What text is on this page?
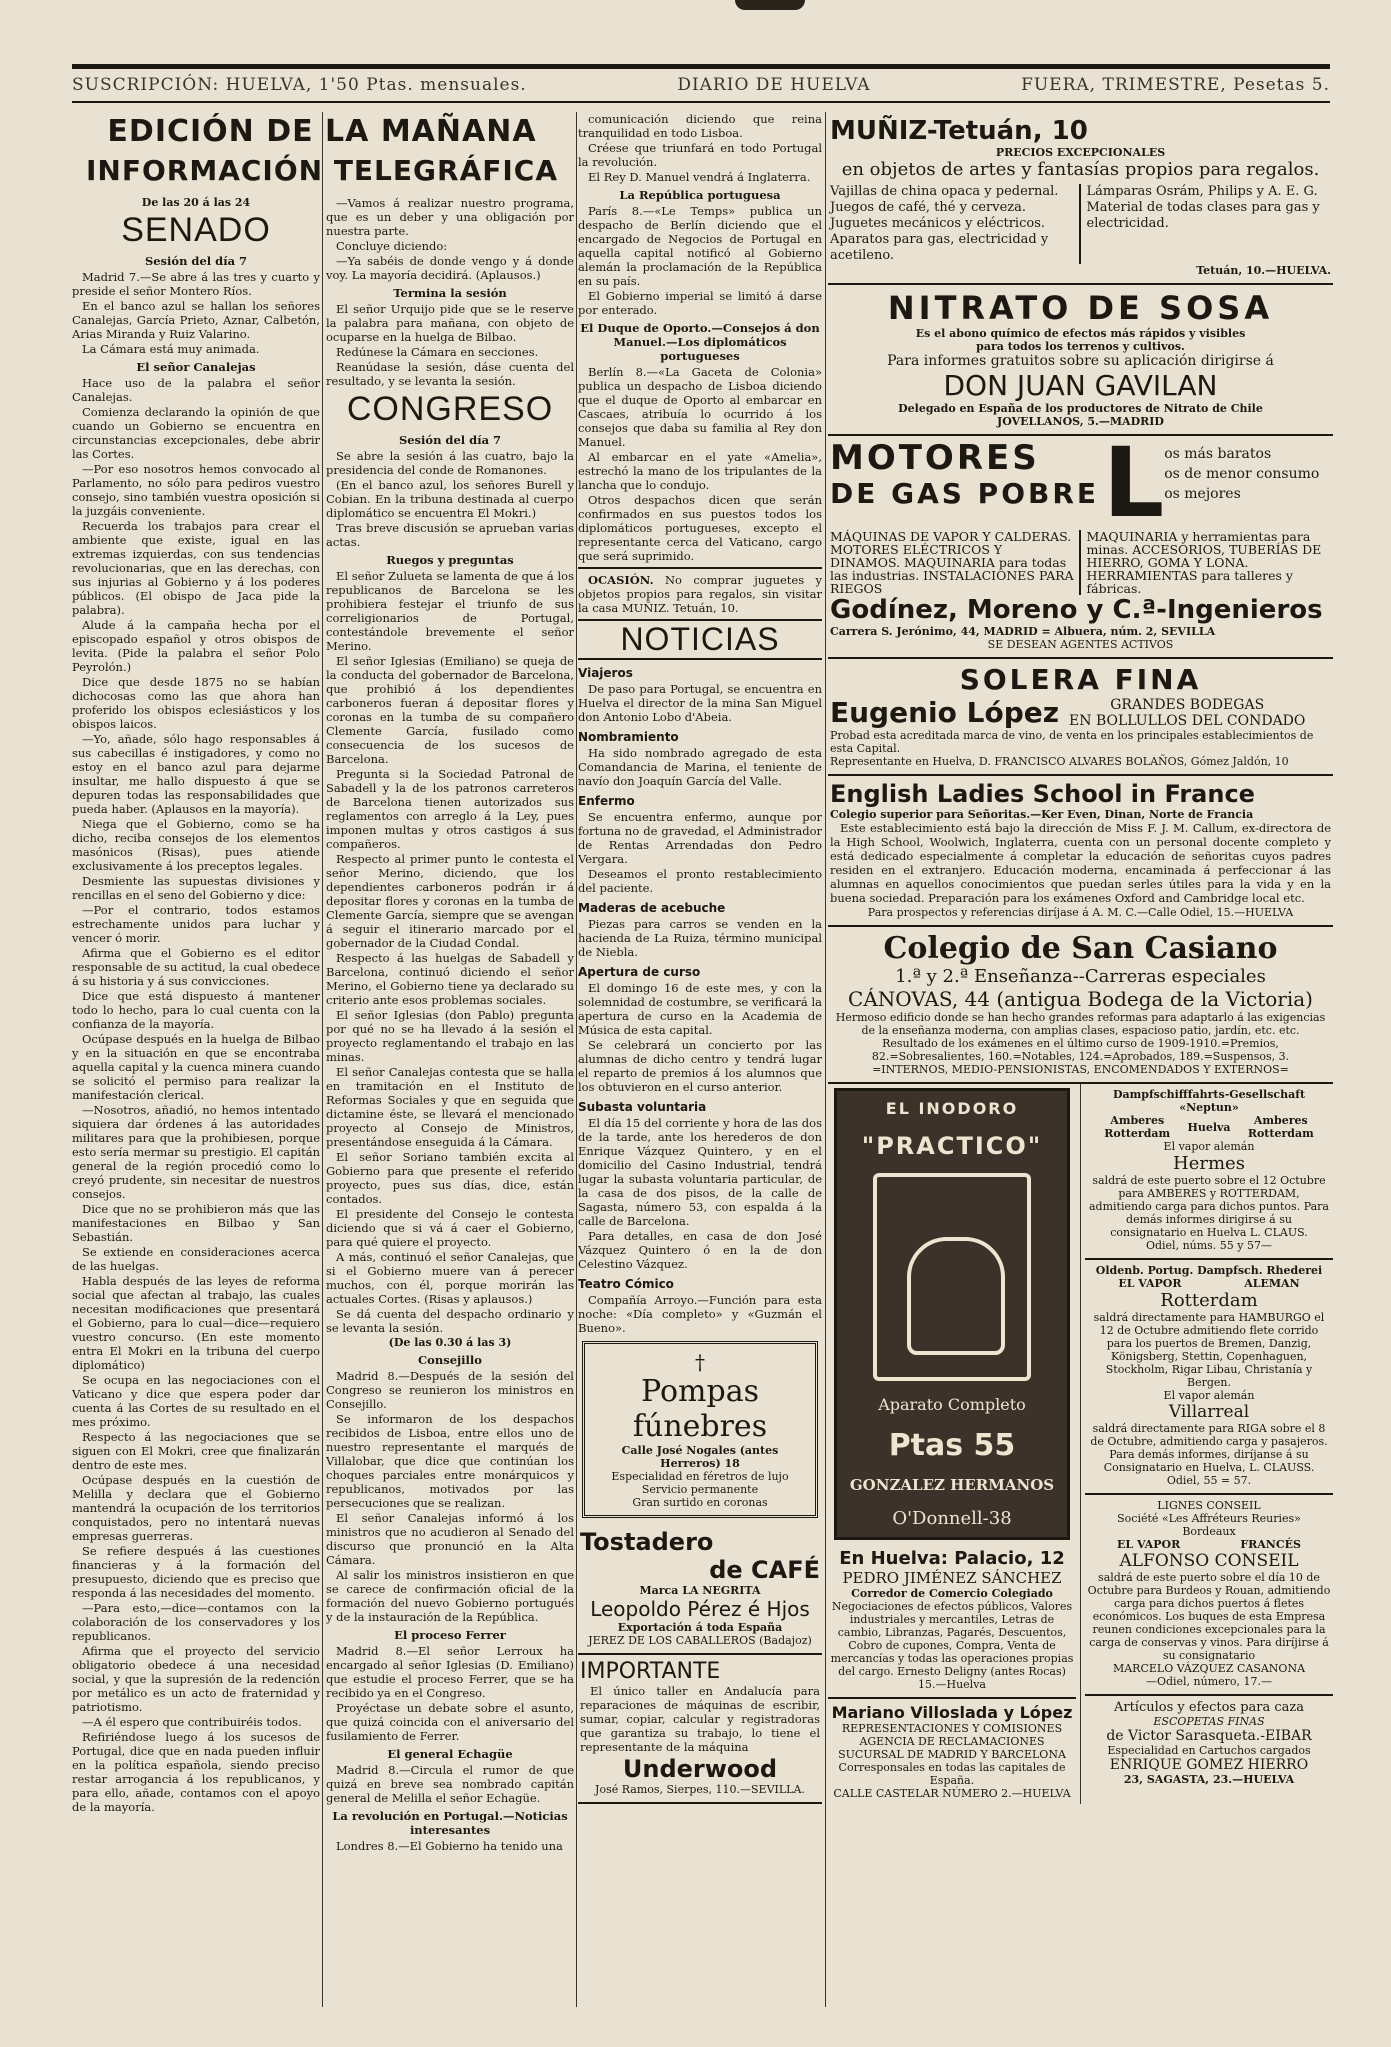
SUSCRIPCIÓN: HUELVA, 1'50 Ptas. mensuales.	DIARIO DE HUELVA	FUERA, TRIMESTRE, Pesetas 5.
INFORMACIÓN TELEGRÁFICA
EDICIÓN DE LA MAÑANA
De las 20 á las 24
SENADO
Sesión del día 7

Madrid 7.—Se abre á las tres y cuarto y preside el señor Montero Ríos.

En el banco azul se hallan los señores Canalejas, García Prieto, Aznar, Calbetón, Arias Miranda y Ruiz Valarino.

La Cámara está muy animada.

El señor Canalejas

Hace uso de la palabra el señor Canalejas.

Comienza declarando la opinión de que cuando un Gobierno se encuentra en circunstancias excepcionales, debe abrir las Cortes.

—Por eso nosotros hemos convocado al Parlamento, no sólo para pediros vuestro consejo, sino también vuestra oposición si la juzgáis conveniente.

Recuerda los trabajos para crear el ambiente que existe, igual en las extremas izquierdas, con sus tendencias revolucionarias, que en las derechas, con sus injurias al Gobierno y á los poderes públicos. (El obispo de Jaca pide la palabra).

Alude á la campaña hecha por el episcopado español y otros obispos de levita. (Pide la palabra el señor Polo Peyrolón.)

Dice que desde 1875 no se habían dichocosas como las que ahora han proferido los obispos eclesiásticos y los obispos laicos.

—Yo, añade, sólo hago responsables á sus cabecillas é instigadores, y como no estoy en el banco azul para dejarme insultar, me hallo dispuesto á que se depuren todas las responsabilidades que pueda haber. (Aplausos en la mayoría).

Niega que el Gobierno, como se ha dicho, reciba consejos de los elementos masónicos (Risas), pues atiende exclusivamente á los preceptos legales.

Desmiente las supuestas divisiones y rencillas en el seno del Gobierno y dice:

—Por el contrario, todos estamos estrechamente unidos para luchar y vencer ó morir.

Afirma que el Gobierno es el editor responsable de su actitud, la cual obedece á su historia y á sus convicciones.

Dice que está dispuesto á mantener todo lo hecho, para lo cual cuenta con la confianza de la mayoría.

Ocúpase después en la huelga de Bilbao y en la situación en que se encontraba aquella capital y la cuenca minera cuando se solicitó el permiso para realizar la manifestación clerical.

—Nosotros, añadió, no hemos intentado siquiera dar órdenes á las autoridades militares para que la prohibiesen, porque esto sería mermar su prestigio. El capitán general de la región procedió como lo creyó prudente, sin necesitar de nuestros consejos.

Dice que no se prohibieron más que las manifestaciones en Bilbao y San Sebastián.

Se extiende en consideraciones acerca de las huelgas.

Habla después de las leyes de reforma social que afectan al trabajo, las cuales necesitan modificaciones que presentará el Gobierno, para lo cual—dice—requiero vuestro concurso. (En este momento entra El Mokri en la tribuna del cuerpo diplomático)

Se ocupa en las negociaciones con el Vaticano y dice que espera poder dar cuenta á las Cortes de su resultado en el mes próximo.

Respecto á las negociaciones que se siguen con El Mokri, cree que finalizarán dentro de este mes.

Ocúpase después en la cuestión de Melilla y declara que el Gobierno mantendrá la ocupación de los territorios conquistados, pero no intentará nuevas empresas guerreras.

Se refiere después á las cuestiones financieras y á la formación del presupuesto, diciendo que es preciso que responda á las necesidades del momento.

—Para esto,—dice—contamos con la colaboración de los conservadores y los republicanos.

Afirma que el proyecto del servicio obligatorio obedece á una necesidad social, y que la supresión de la redención por metálico es un acto de fraternidad y patriotismo.

—A él espero que contribuiréis todos.

Refiriéndose luego á los sucesos de Portugal, dice que en nada pueden influir en la política española, siendo preciso restar arrogancia á los republicanos, y para ello, añade, contamos con el apoyo de la mayoría.

—Vamos á realizar nuestro programa, que es un deber y una obligación por nuestra parte.

Concluye diciendo:

—Ya sabéis de donde vengo y á donde voy. La mayoría decidirá. (Aplausos.)

Termina la sesión

El señor Urquijo pide que se le reserve la palabra para mañana, con objeto de ocuparse en la huelga de Bilbao.

Redúnese la Cámara en secciones.

Reanúdase la sesión, dáse cuenta del resultado, y se levanta la sesión.

CONGRESO
Sesión del día 7

Se abre la sesión á las cuatro, bajo la presidencia del conde de Romanones.

(En el banco azul, los señores Burell y Cobian. En la tribuna destinada al cuerpo diplomático se encuentra El Mokri.)

Tras breve discusión se aprueban varias actas.

Ruegos y preguntas

El señor Zulueta se lamenta de que á los republicanos de Barcelona se les prohibiera festejar el triunfo de sus correligionarios de Portugal, contestándole brevemente el señor Merino.

El señor Iglesias (Emiliano) se queja de la conducta del gobernador de Barcelona, que prohibió á los dependientes carboneros fueran á depositar flores y coronas en la tumba de su compañero Clemente García, fusilado como consecuencia de los sucesos de Barcelona.

Pregunta si la Sociedad Patronal de Sabadell y la de los patronos carreteros de Barcelona tienen autorizados sus reglamentos con arreglo á la Ley, pues imponen multas y otros castigos á sus compañeros.

Respecto al primer punto le contesta el señor Merino, diciendo, que los dependientes carboneros podrán ir á depositar flores y coronas en la tumba de Clemente García, siempre que se avengan á seguir el itinerario marcado por el gobernador de la Ciudad Condal.

Respecto á las huelgas de Sabadell y Barcelona, continuó diciendo el señor Merino, el Gobierno tiene ya declarado su criterio ante esos problemas sociales.

El señor Iglesias (don Pablo) pregunta por qué no se ha llevado á la sesión el proyecto reglamentando el trabajo en las minas.

El señor Canalejas contesta que se halla en tramitación en el Instituto de Reformas Sociales y que en seguida que dictamine éste, se llevará el mencionado proyecto al Consejo de Ministros, presentándose enseguida á la Cámara.

El señor Soriano también excita al Gobierno para que presente el referido proyecto, pues sus días, dice, están contados.

El presidente del Consejo le contesta diciendo que si vá á caer el Gobierno, para qué quiere el proyecto.

A más, continuó el señor Canalejas, que si el Gobierno muere van á perecer muchos, con él, porque morirán las actuales Cortes. (Risas y aplausos.)

Se dá cuenta del despacho ordinario y se levanta la sesión.

(De las 0.30 á las 3)
Consejillo

Madrid 8.—Después de la sesión del Congreso se reunieron los ministros en Consejillo.

Se informaron de los despachos recibidos de Lisboa, entre ellos uno de nuestro representante el marqués de Villalobar, que dice que continúan los choques parciales entre monárquicos y republicanos, motivados por las persecuciones que se realizan.

El señor Canalejas informó á los ministros que no acudieron al Senado del discurso que pronunció en la Alta Cámara.

Al salir los ministros insistieron en que se carece de confirmación oficial de la formación del nuevo Gobierno portugués y de la instauración de la República.

El proceso Ferrer

Madrid 8.—El señor Lerroux ha encargado al señor Iglesias (D. Emiliano) que estudie el proceso Ferrer, que se ha recibido ya en el Congreso.

Proyéctase un debate sobre el asunto, que quizá coincida con el aniversario del fusilamiento de Ferrer.

El general Echagüe

Madrid 8.—Circula el rumor de que quizá en breve sea nombrado capitán general de Melilla el señor Echagüe.

La revolución en Portugal.—Noticias interesantes

Londres 8.—El Gobierno ha tenido una

comunicación diciendo que reina tranquilidad en todo Lisboa.

Créese que triunfará en todo Portugal la revolución.

El Rey D. Manuel vendrá á Inglaterra.

La República portuguesa

París 8.—«Le Temps» publica un despacho de Berlín diciendo que el encargado de Negocios de Portugal en aquella capital notificó al Gobierno alemán la proclamación de la República en su país.

El Gobierno imperial se limitó á darse por enterado.

El Duque de Oporto.—Consejos á don Manuel.—Los diplomáticos portugueses

Berlín 8.—«La Gaceta de Colonia» publica un despacho de Lisboa diciendo que el duque de Oporto al embarcar en Cascaes, atribuía lo ocurrido á los consejos que daba su familia al Rey don Manuel.

Al embarcar en el yate «Amelia», estrechó la mano de los tripulantes de la lancha que lo condujo.

Otros despachos dicen que serán confirmados en sus puestos todos los diplomáticos portugueses, excepto el representante cerca del Vaticano, cargo que será suprimido.

OCASIÓN. No comprar juguetes y objetos propios para regalos, sin visitar la casa MUÑIZ. Tetuán, 10.

NOTICIAS
Viajeros

De paso para Portugal, se encuentra en Huelva el director de la mina San Miguel don Antonio Lobo d'Abeia.

Nombramiento

Ha sido nombrado agregado de esta Comandancia de Marina, el teniente de navío don Joaquín García del Valle.

Enfermo

Se encuentra enfermo, aunque por fortuna no de gravedad, el Administrador de Rentas Arrendadas don Pedro Vergara.

Deseamos el pronto restablecimiento del paciente.

Maderas de acebuche

Piezas para carros se venden en la hacienda de La Ruiza, término municipal de Niebla.

Apertura de curso

El domingo 16 de este mes, y con la solemnidad de costumbre, se verificará la apertura de curso en la Academia de Música de esta capital.

Se celebrará un concierto por las alumnas de dicho centro y tendrá lugar el reparto de premios á los alumnos que los obtuvieron en el curso anterior.

Subasta voluntaria

El día 15 del corriente y hora de las dos de la tarde, ante los herederos de don Enrique Vázquez Quintero, y en el domicilio del Casino Industrial, tendrá lugar la subasta voluntaria particular, de la casa de dos pisos, de la calle de Sagasta, número 53, con espalda á la calle de Barcelona.

Para detalles, en casa de don José Vázquez Quintero ó en la de don Celestino Vázquez.

Teatro Cómico

Compañía Arroyo.—Función para esta noche: «Día completo» y «Guzmán el Bueno».

†
Pompas fúnebres
Calle José Nogales (antes Herreros) 18
Especialidad en féretros de lujo
Servicio permanente
Gran surtido en coronas
Tostadero
de CAFÉ
Marca LA NEGRITA
Leopoldo Pérez é Hjos
Exportación á toda España
JEREZ DE LOS CABALLEROS (Badajoz)
IMPORTANTE

El único taller en Andalucía para reparaciones de máquinas de escribir, sumar, copiar, calcular y registradoras que garantiza su trabajo, lo tiene el representante de la máquina

Underwood
José Ramos, Sierpes, 110.—SEVILLA.
MUÑIZ-Tetuán, 10
PRECIOS EXCEPCIONALES
en objetos de artes y fantasías propios para regalos.
Vajillas de china opaca y pedernal. Juegos de café, thé y cerveza. Juguetes mecánicos y eléctricos. Aparatos para gas, electricidad y acetileno.
Lámparas Osrám, Philips y A. E. G. Material de todas clases para gas y electricidad.
Tetuán, 10.—HUELVA.
NITRATO DE SOSA
Es el abono químico de efectos más rápidos y visibles
para todos los terrenos y cultivos.
Para informes gratuitos sobre su aplicación dirigirse á
DON JUAN GAVILAN
Delegado en España de los productores de Nitrato de Chile
JOVELLANOS, 5.—MADRID
MOTORES
DE GAS POBRE L os más baratos
os de menor consumo
os mejores
MÁQUINAS DE VAPOR Y CALDERAS. MOTORES ELÉCTRICOS Y DINAMOS. MAQUINARIA para todas las industrias. INSTALACIONES PARA RIEGOS
MAQUINARIA y herramientas para minas. ACCESORIOS, TUBERÍAS DE HIERRO, GOMA Y LONA. HERRAMIENTAS para talleres y fábricas.
Godínez, Moreno y C.ª-Ingenieros
Carrera S. Jerónimo, 44, MADRID = Albuera, núm. 2, SEVILLA
SE DESEAN AGENTES ACTIVOS
SOLERA FINA
Eugenio López	GRANDES BODEGAS
EN BOLLULLOS DEL CONDADO
Probad esta acreditada marca de vino, de venta en los principales establecimientos de esta Capital.
Representante en Huelva, D. FRANCISCO ALVARES BOLAÑOS, Gómez Jaldón, 10
English Ladies School in France
Colegio superior para Señoritas.—Ker Even, Dinan, Norte de Francia

Este establecimiento está bajo la dirección de Miss F. J. M. Callum, ex-directora de la High School, Woolwich, Inglaterra, cuenta con un personal docente completo y está dedicado especialmente á completar la educación de señoritas cuyos padres residen en el extranjero. Educación moderna, encaminada á perfeccionar á las alumnas en aquellos conocimientos que puedan serles útiles para la vida y en la buena sociedad. Preparación para los exámenes Oxford and Cambridge local etc.

Para prospectos y referencias diríjase á A. M. C.—Calle Odiel, 15.—HUELVA
Colegio de San Casiano
1.ª y 2.ª Enseñanza--Carreras especiales
CÁNOVAS, 44 (antigua Bodega de la Victoria)
Hermoso edificio donde se han hecho grandes reformas para adaptarlo á las exigencias de la enseñanza moderna, con amplias clases, espacioso patio, jardín, etc. etc.
Resultado de los exámenes en el último curso de 1909-1910.=Premios, 82.=Sobresalientes, 160.=Notables, 124.=Aprobados, 189.=Suspensos, 3.
=INTERNOS, MEDIO-PENSIONISTAS, ENCOMENDADOS Y EXTERNOS=
EL INODORO
"PRACTICO"
Aparato Completo
Ptas 55
GONZALEZ HERMANOS
O'Donnell-38
En Huelva: Palacio, 12
PEDRO JIMÉNEZ SÁNCHEZ
Corredor de Comercio Colegiado
Negociaciones de efectos públicos, Valores industriales y mercantiles, Letras de cambio, Libranzas, Pagarés, Descuentos, Cobro de cupones, Compra, Venta de mercancías y todas las operaciones propias del cargo. Ernesto Deligny (antes Rocas) 15.—Huelva
Mariano Villoslada y López
REPRESENTACIONES Y COMISIONES
AGENCIA DE RECLAMACIONES
SUCURSAL DE MADRID Y BARCELONA
Corresponsales en todas las capitales de España.
CALLE CASTELAR NÚMERO 2.—HUELVA
Dampfschifffahrts-Gesellschaft «Neptun»
Amberes Rotterdam	Huelva	Amberes Rotterdam
El vapor alemán
Hermes
saldrá de este puerto sobre el 12 Octubre para AMBERES y ROTTERDAM, admitiendo carga para dichos puntos. Para demás informes dirigirse á su consignatario en Huelva L. CLAUS.
Odiel, núms. 55 y 57—
Oldenb. Portug. Dampfsch. Rhederei
EL VAPOR	ALEMAN
Rotterdam
saldrá directamente para HAMBURGO el 12 de Octubre admitiendo flete corrido para los puertos de Bremen, Danzig, Königsberg, Stettin, Copenhaguen, Stockholm, Rigar Libau, Christanía y Bergen.
El vapor alemán
Villarreal
saldrá directamente para RIGA sobre el 8 de Octubre, admitiendo carga y pasajeros. Para demás informes, diríjanse á su Consignatario en Huelva, L. CLAUSS.
Odiel, 55 = 57.
LIGNES CONSEIL
Société «Les Affréteurs Reuries»
Bordeaux
EL VAPOR	FRANCÉS
ALFONSO CONSEIL
saldrá de este puerto sobre el día 10 de Octubre para Burdeos y Rouan, admitiendo carga para dichos puertos á fletes económicos. Los buques de esta Empresa reunen condiciones excepcionales para la carga de conservas y vinos. Para diríjirse á su consignatario
MARCELO VÁZQUEZ CASANONA
—Odiel, número, 17.—
Artículos y efectos para caza
ESCOPETAS FINAS
de Victor Sarasqueta.-EIBAR
Especialidad en Cartuchos cargados
ENRIQUE GOMEZ HIERRO
23, SAGASTA, 23.—HUELVA
